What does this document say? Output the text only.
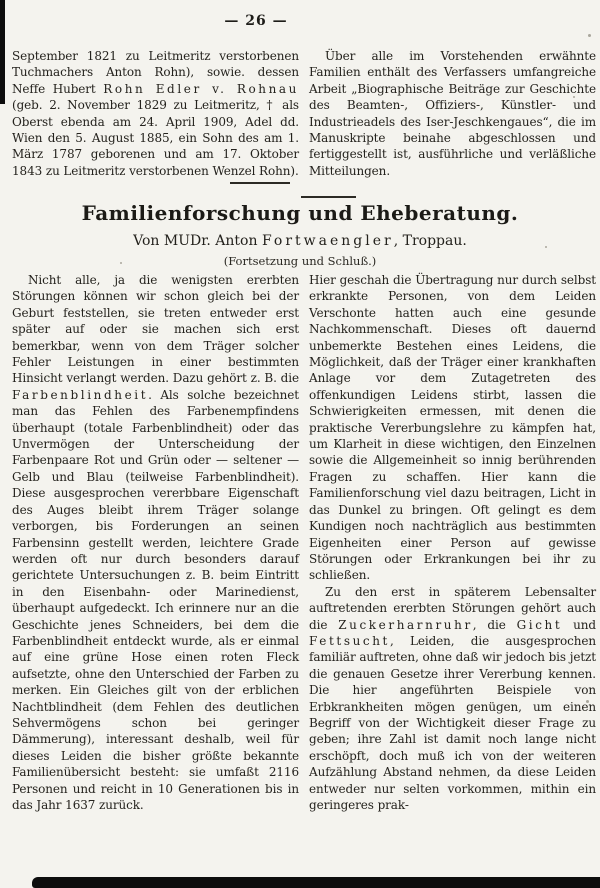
— 26 —

September 1821 zu Leitmeritz verstorbenen Tuchmachers Anton Rohn), sowie. dessen Neffe Hubert Rohn Edler v. Rohnau (geb. 2. November 1829 zu Leitmeritz, † als Oberst ebenda am 24. April 1909, Adel dd. Wien den 5. August 1885, ein Sohn des am 1. März 1787 geborenen und am 17. Oktober 1843 zu Leitmeritz verstorbenen Wenzel Rohn).

Über alle im Vorstehenden erwähnte Familien enthält des Verfassers umfangreiche Arbeit „Biographische Beiträge zur Geschichte des Beamten-, Offiziers-, Künstler- und Industrieadels des Iser-Jeschkengaues“, die im Manuskripte beinahe abgeschlossen und fertiggestellt ist, ausführliche und verläßliche Mitteilungen.

Familienforschung und Eheberatung.
Von MUDr. Anton Fortwaengler, Troppau.
(Fortsetzung und Schluß.)

Nicht alle, ja die wenigsten ererbten Störungen können wir schon gleich bei der Geburt feststellen, sie treten entweder erst später auf oder sie machen sich erst bemerkbar, wenn von dem Träger solcher Fehler Leistungen in einer bestimmten Hinsicht verlangt werden. Dazu gehört z. B. die Farbenblindheit. Als solche bezeichnet man das Fehlen des Farbenempfindens überhaupt (totale Farbenblindheit) oder das Unvermögen der Unterscheidung der Farbenpaare Rot und Grün oder — seltener — Gelb und Blau (teilweise Farbenblindheit). Diese ausgesprochen vererbbare Eigenschaft des Auges bleibt ihrem Träger solange verborgen, bis Forderungen an seinen Farbensinn gestellt werden, leichtere Grade werden oft nur durch besonders darauf gerichtete Untersuchungen z. B. beim Eintritt in den Eisenbahn- oder Marinedienst, überhaupt aufgedeckt. Ich erinnere nur an die Geschichte jenes Schneiders, bei dem die Farbenblindheit entdeckt wurde, als er einmal auf eine grüne Hose einen roten Fleck aufsetzte, ohne den Unterschied der Farben zu merken. Ein Gleiches gilt von der erblichen Nachtblindheit (dem Fehlen des deutlichen Sehvermögens schon bei geringer Dämmerung), interessant deshalb, weil für dieses Leiden die bisher größte bekannte Familienübersicht besteht: sie umfaßt 2116 Personen und reicht in 10 Generationen bis in das Jahr 1637 zurück.

Hier geschah die Übertragung nur durch selbst erkrankte Personen, von dem Leiden Verschonte hatten auch eine gesunde Nachkommenschaft. Dieses oft dauernd unbemerkte Bestehen eines Leidens, die Möglichkeit, daß der Träger einer krankhaften Anlage vor dem Zutagetreten des offenkundigen Leidens stirbt, lassen die Schwierigkeiten ermessen, mit denen die praktische Vererbungslehre zu kämpfen hat, um Klarheit in diese wichtigen, den Einzelnen sowie die Allgemeinheit so innig berührenden Fragen zu schaffen. Hier kann die Familienforschung viel dazu beitragen, Licht in das Dunkel zu bringen. Oft gelingt es dem Kundigen noch nachträglich aus bestimmten Eigenheiten einer Person auf gewisse Störungen oder Erkrankungen bei ihr zu schließen.

Zu den erst in späterem Lebensalter auftretenden ererbten Störungen gehört auch die Zuckerharnruhr, die Gicht und Fettsucht, Leiden, die ausgesprochen familiär auftreten, ohne daß wir jedoch bis jetzt die genauen Gesetze ihrer Vererbung kennen. Die hier angeführten Beispiele von Erbkrankheiten mögen genügen, um einen Begriff von der Wichtigkeit dieser Frage zu geben; ihre Zahl ist damit noch lange nicht erschöpft, doch muß ich von der weiteren Aufzählung Abstand nehmen, da diese Leiden entweder nur selten vorkommen, mithin ein geringeres prak-
